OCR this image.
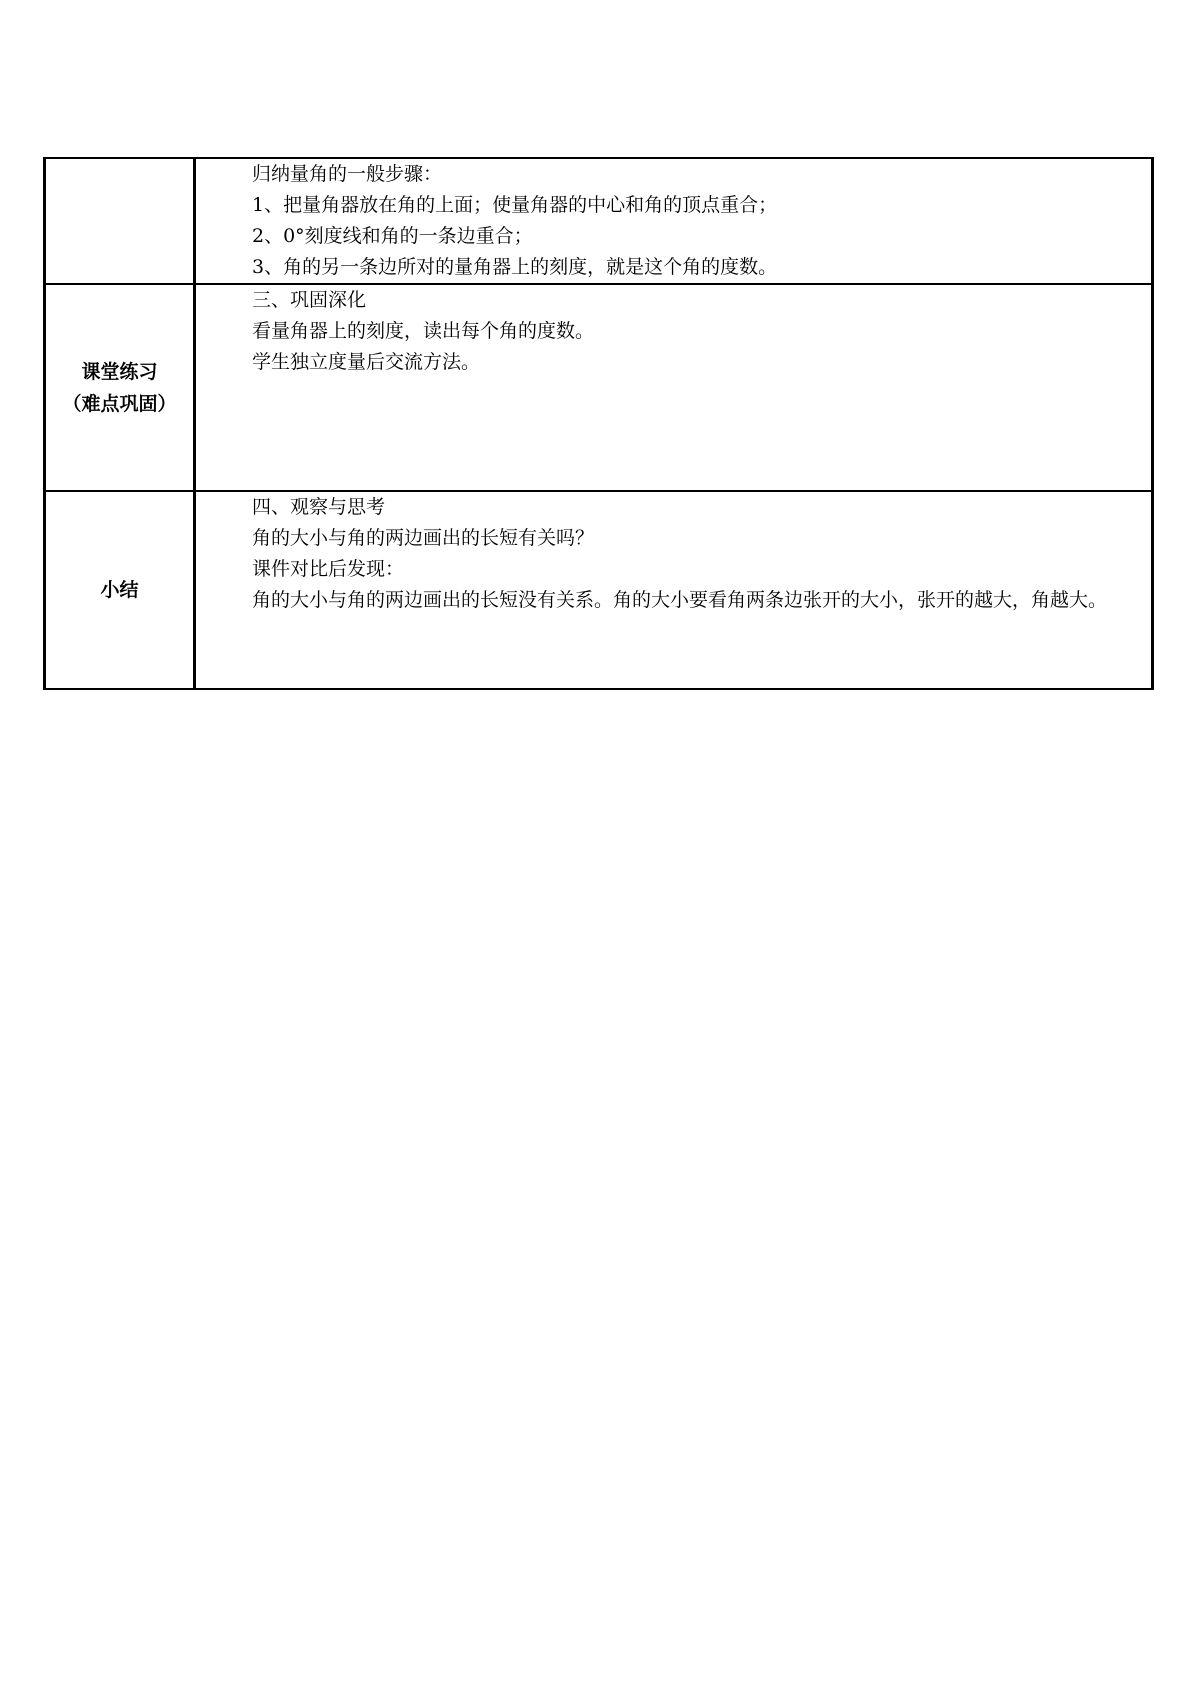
	归纳量角的一般步骤：
1、把量角器放在角的上面；使量角器的中心和角的顶点重合；
2、0°刻度线和角的一条边重合；
3、角的另一条边所对的量角器上的刻度，就是这个角的度数。

课堂练习
（难点巩固）	三、巩固深化
看量角器上的刻度，读出每个角的度数。
学生独立度量后交流方法。

小结	四、观察与思考
角的大小与角的两边画出的长短有关吗？
课件对比后发现：
角的大小与角的两边画出的长短没有关系。角的大小要看角两条边张开的大小，张开的越大，角越大。
